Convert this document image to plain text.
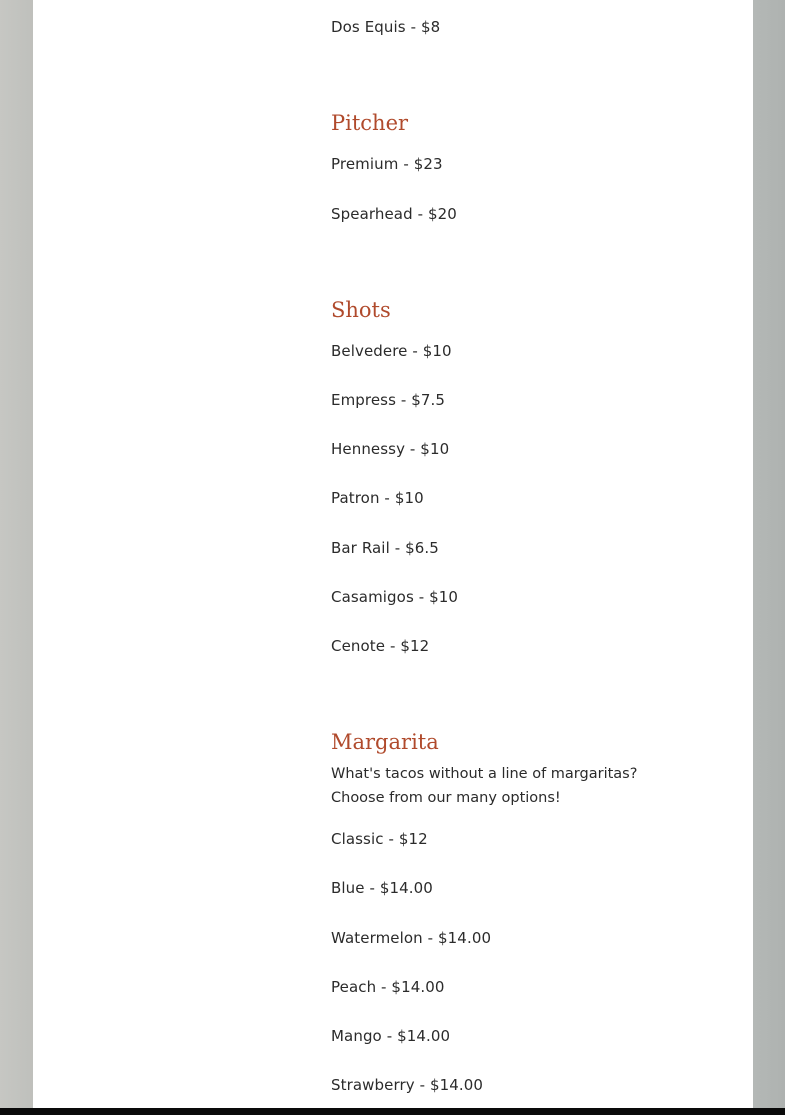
Dos Equis - $8
Pitcher
Premium - $23
Spearhead - $20
Shots
Belvedere - $10
Empress - $7.5
Hennessy - $10
Patron - $10
Bar Rail - $6.5
Casamigos - $10
Cenote - $12
Margarita
What's tacos without a line of margaritas?
Choose from our many options!
Classic - $12
Blue - $14.00
Watermelon - $14.00
Peach - $14.00
Mango - $14.00
Strawberry - $14.00
